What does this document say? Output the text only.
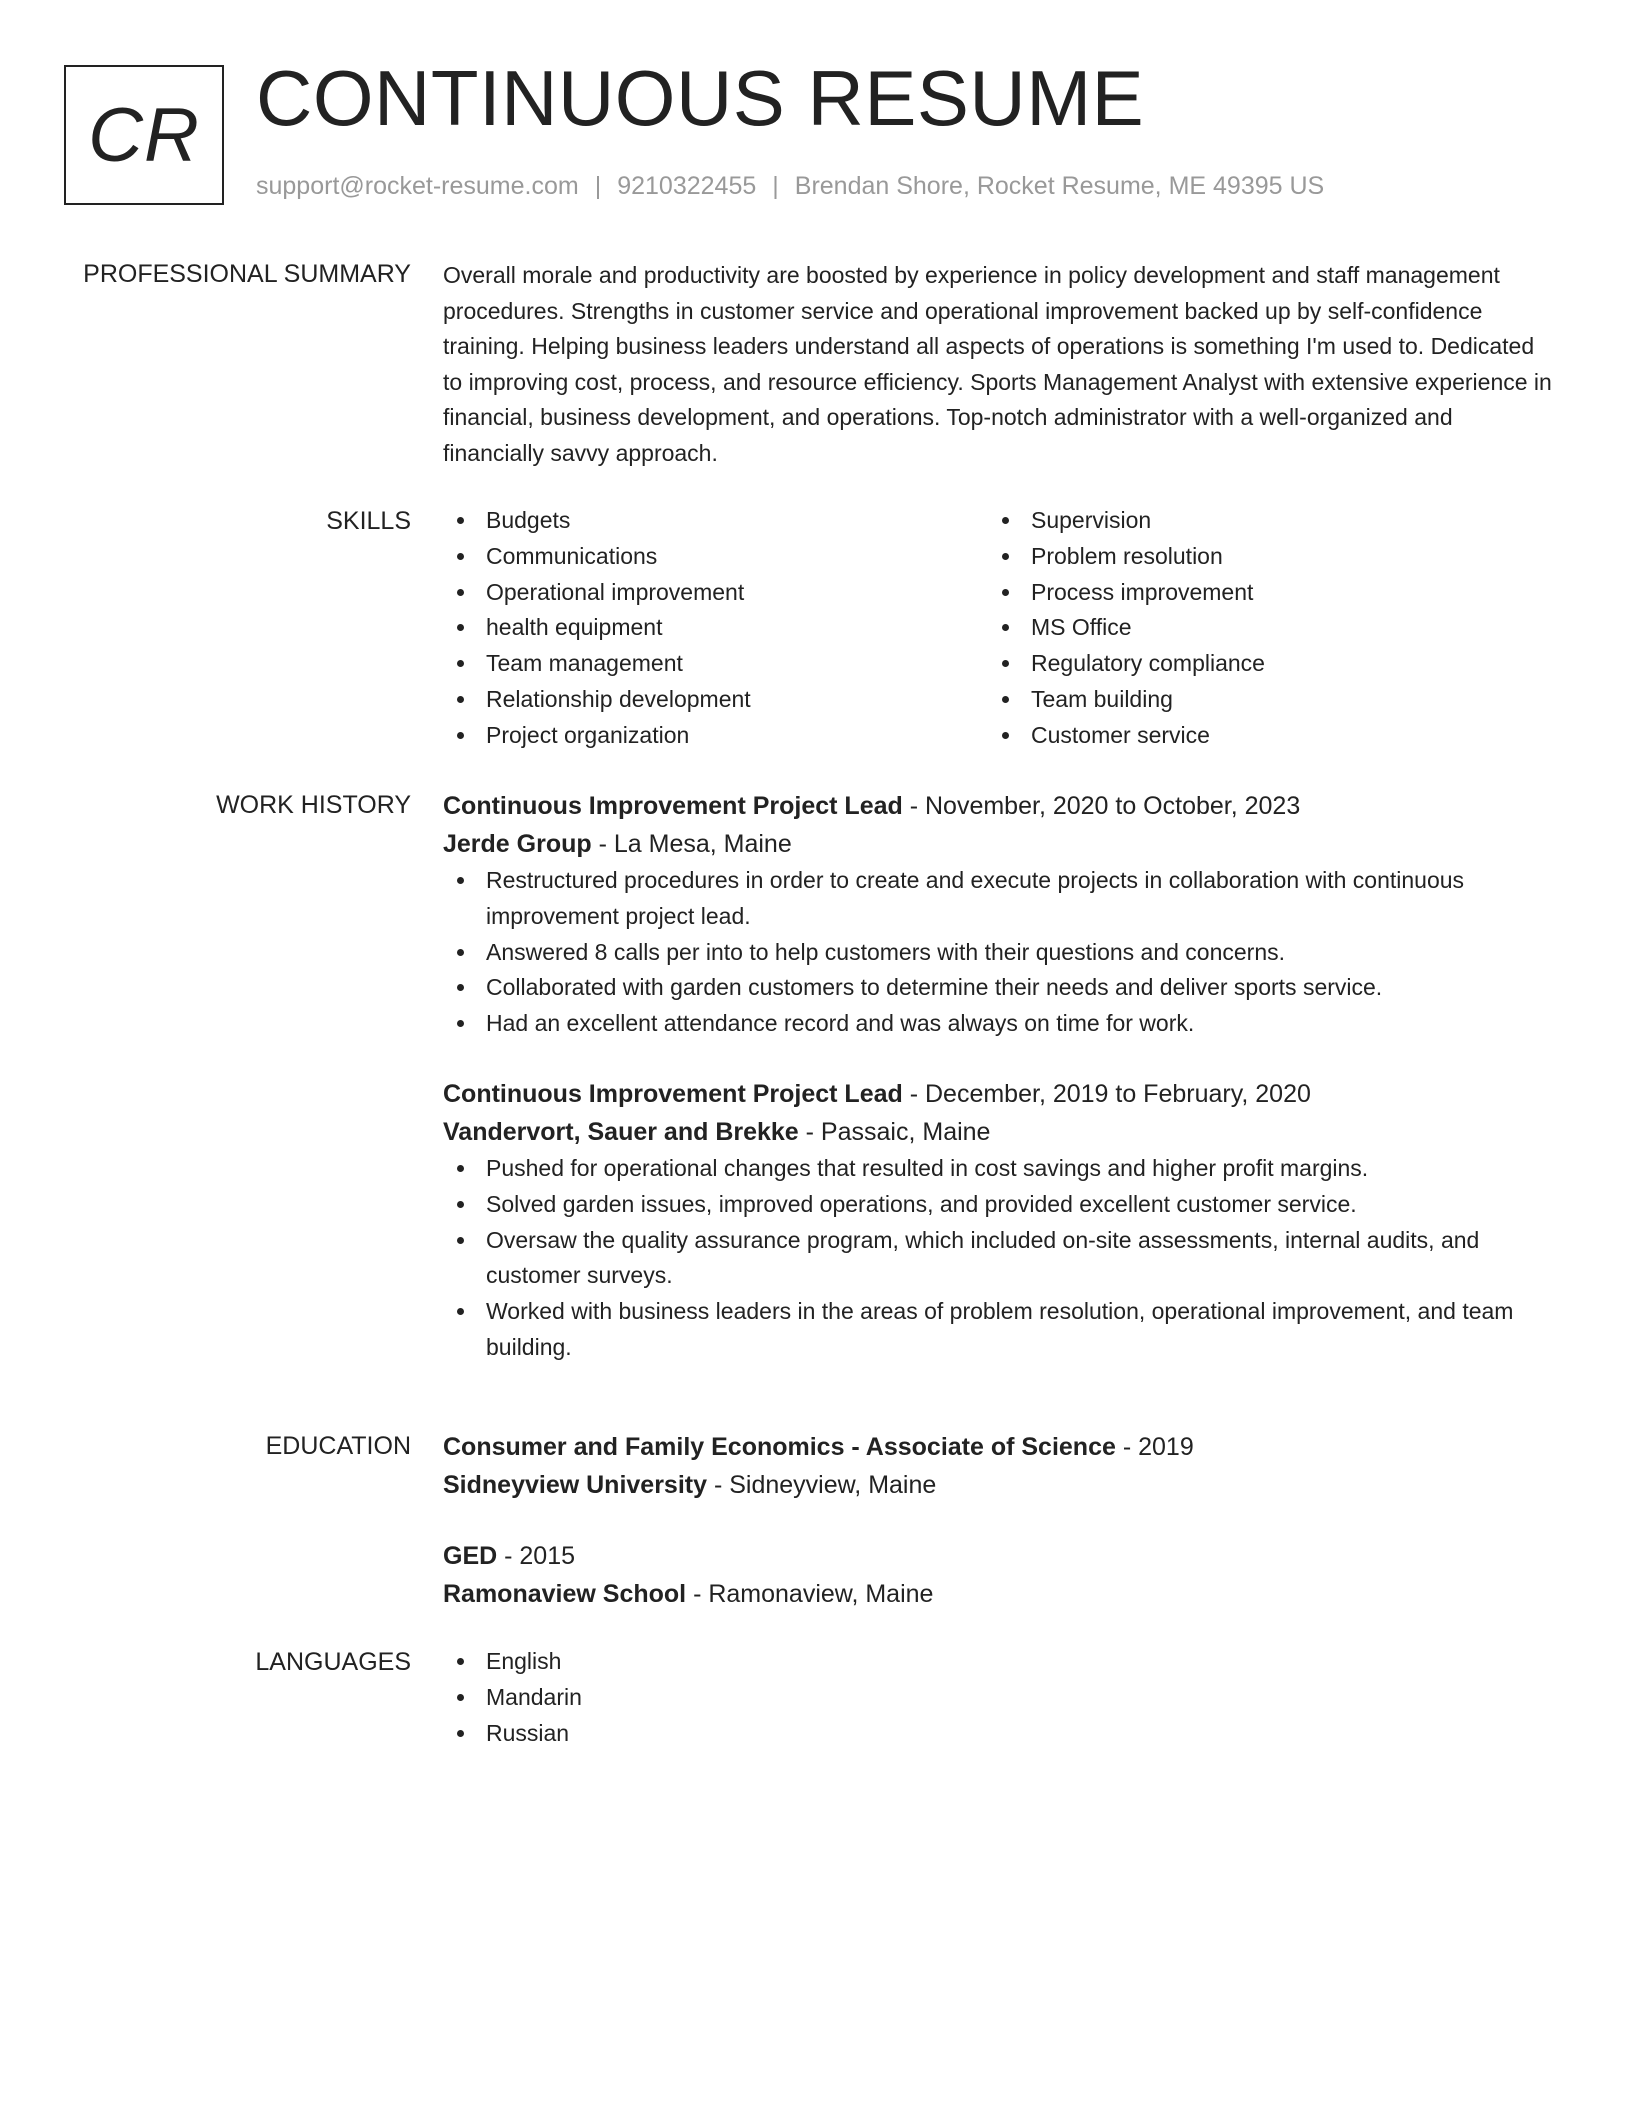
CR CONTINUOUS RESUME
support@rocket-resume.com | 9210322455 | Brendan Shore, Rocket Resume, ME 49395 US
PROFESSIONAL SUMMARY Overall morale and productivity are boosted by experience in policy development and staff management procedures. Strengths in customer service and operational improvement backed up by self-confidence training. Helping business leaders understand all aspects of operations is something I'm used to. Dedicated to improving cost, process, and resource efficiency. Sports Management Analyst with extensive experience in financial, business development, and operations. Top-notch administrator with a well-organized and financially savvy approach.

SKILLS	Budgets
Communications
Operational improvement
health equipment
Team management
Relationship development
Project organization
Supervision
Problem resolution
Process improvement
MS Office
Regulatory compliance
Team building
Customer service
WORK HISTORY Continuous Improvement Project Lead - November, 2020 to October, 2023
Jerde Group - La Mesa, Maine
Restructured procedures in order to create and execute projects in collaboration with continuous improvement project lead.
Answered 8 calls per into to help customers with their questions and concerns.
Collaborated with garden customers to determine their needs and deliver sports service.
Had an excellent attendance record and was always on time for work.
Continuous Improvement Project Lead - December, 2019 to February, 2020
Vandervort, Sauer and Brekke - Passaic, Maine
Pushed for operational changes that resulted in cost savings and higher profit margins.
Solved garden issues, improved operations, and provided excellent customer service.
Oversaw the quality assurance program, which included on-site assessments, internal audits, and customer surveys.
Worked with business leaders in the areas of problem resolution, operational improvement, and team building.
EDUCATION Consumer and Family Economics - Associate of Science - 2019
Sidneyview University - Sidneyview, Maine
GED - 2015
Ramonaview School - Ramonaview, Maine
LANGUAGES	English
Mandarin
Russian
